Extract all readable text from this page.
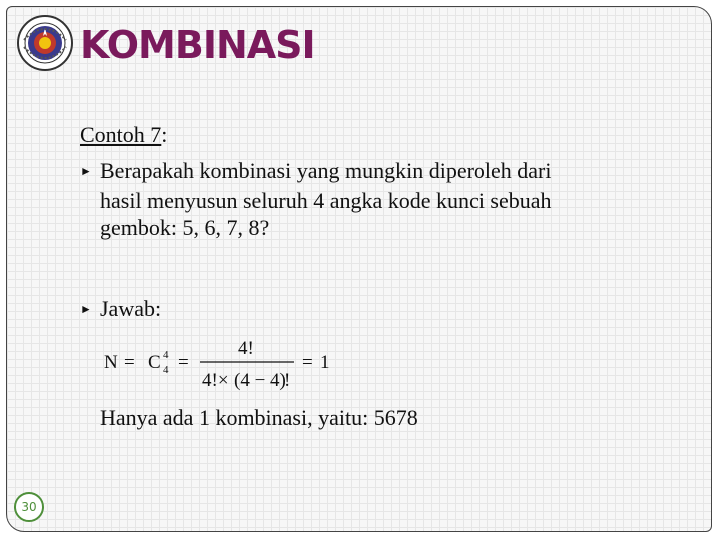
KOMBINASI
Contoh 7:
► Berapakah kombinasi yang mungkin diperoleh dari
hasil menyusun seluruh 4 angka kode kunci sebuah
gembok: 5, 6, 7, 8?
► Jawab:
N = C 4
4 =
4!
4!× (4 − 4)
!
= 1
Hanya ada 1 kombinasi, yaitu: 5678
30
